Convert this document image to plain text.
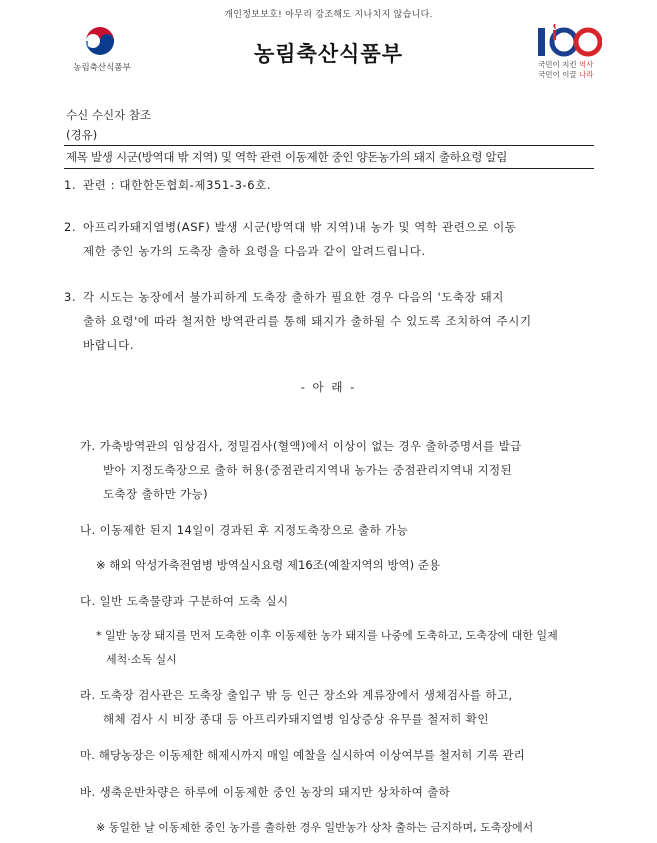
개인정보보호! 아무리 강조해도 지나치지 않습니다.
농림축산식품부
농림축산식품부	국민이 지킨 역사
국민이 이끌 나라
수신 수신자 참조
(경유)
제목 발생 시군(방역대 밖 지역) 및 역학 관련 이동제한 중인 양돈농가의 돼지 출하요령 알림
1. 관련 : 대한한돈협회-제351-3-6호.
2. 아프리카돼지열병(ASF) 발생 시군(방역대 밖 지역)내 농가 및 역학 관련으로 이동
제한 중인 농가의 도축장 출하 요령을 다음과 같이 알려드립니다.
3. 각 시도는 농장에서 불가피하게 도축장 출하가 필요한 경우 다음의 '도축장 돼지
출하 요령'에 따라 철저한 방역관리를 통해 돼지가 출하될 수 있도록 조치하여 주시기
바랍니다.
- 아 래 -
가. 가축방역관의 임상검사, 정밀검사(혈액)에서 이상이 없는 경우 출하증명서를 발급
받아 지정도축장으로 출하 허용(중점관리지역내 농가는 중점관리지역내 지정된
도축장 출하만 가능)
나. 이동제한 된지 14일이 경과된 후 지정도축장으로 출하 가능
※ 해외 악성가축전염병 방역실시요령 제16조(예찰지역의 방역) 준용
다. 일반 도축물량과 구분하여 도축 실시
* 일반 농장 돼지를 먼저 도축한 이후 이동제한 농가 돼지를 나중에 도축하고, 도축장에 대한 일제
세척·소독 실시
라. 도축장 검사관은 도축장 출입구 밖 등 인근 장소와 계류장에서 생체검사를 하고,
해체 검사 시 비장 종대 등 아프리카돼지열병 임상증상 유무를 철저히 확인
마. 해당농장은 이동제한 해제시까지 매일 예찰을 실시하여 이상여부를 철저히 기록 관리
바. 생축운반차량은 하루에 이동제한 중인 농장의 돼지만 상차하여 출하
※ 동일한 날 이동제한 중인 농가를 출하한 경우 일반농가 상차 출하는 금지하며, 도축장에서
